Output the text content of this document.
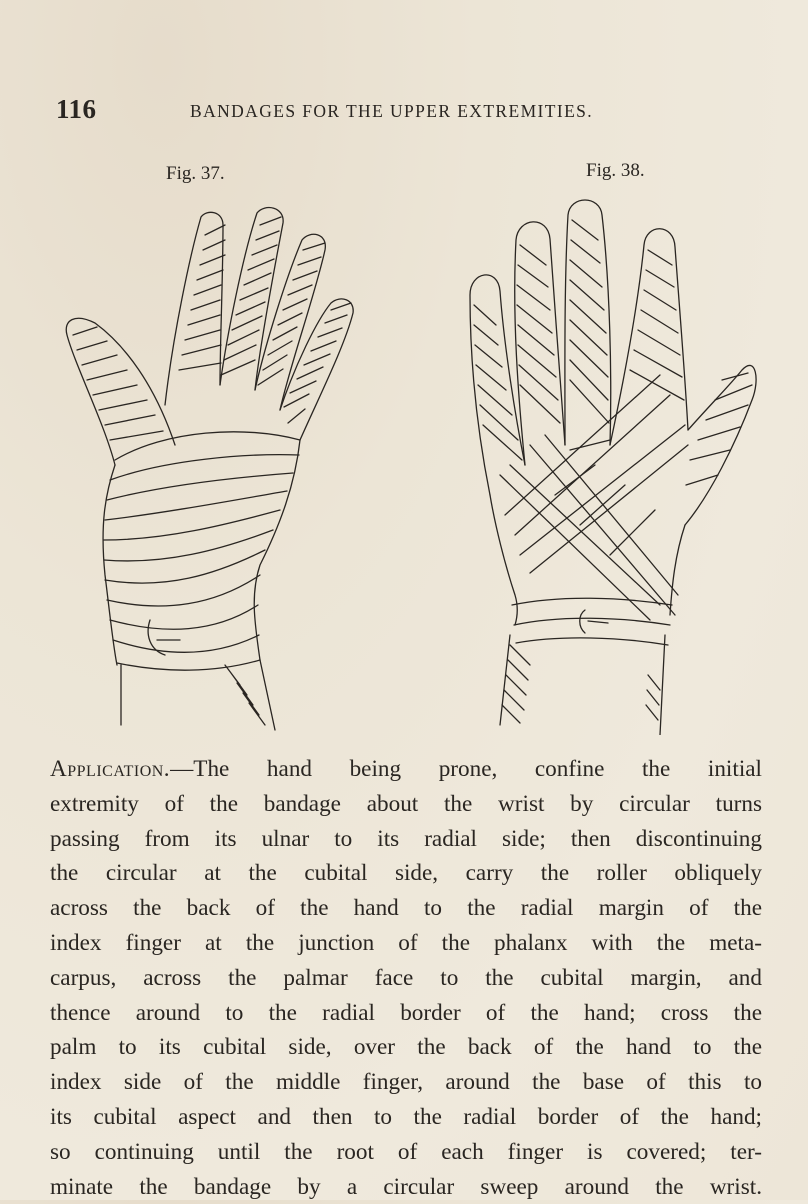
116	BANDAGES FOR THE UPPER EXTREMITIES.
Fig. 37.	Fig. 38.
Application.—The hand being prone, confine the initial
extremity of the bandage about the wrist by circular turns
passing from its ulnar to its radial side; then discontinuing
the circular at the cubital side, carry the roller obliquely
across the back of the hand to the radial margin of the
index finger at the junction of the phalanx with the meta-
carpus, across the palmar face to the cubital margin, and
thence around to the radial border of the hand; cross the
palm to its cubital side, over the back of the hand to the
index side of the middle finger, around the base of this to
its cubital aspect and then to the radial border of the hand;
so continuing until the root of each finger is covered; ter-
minate the bandage by a circular sweep around the wrist.
